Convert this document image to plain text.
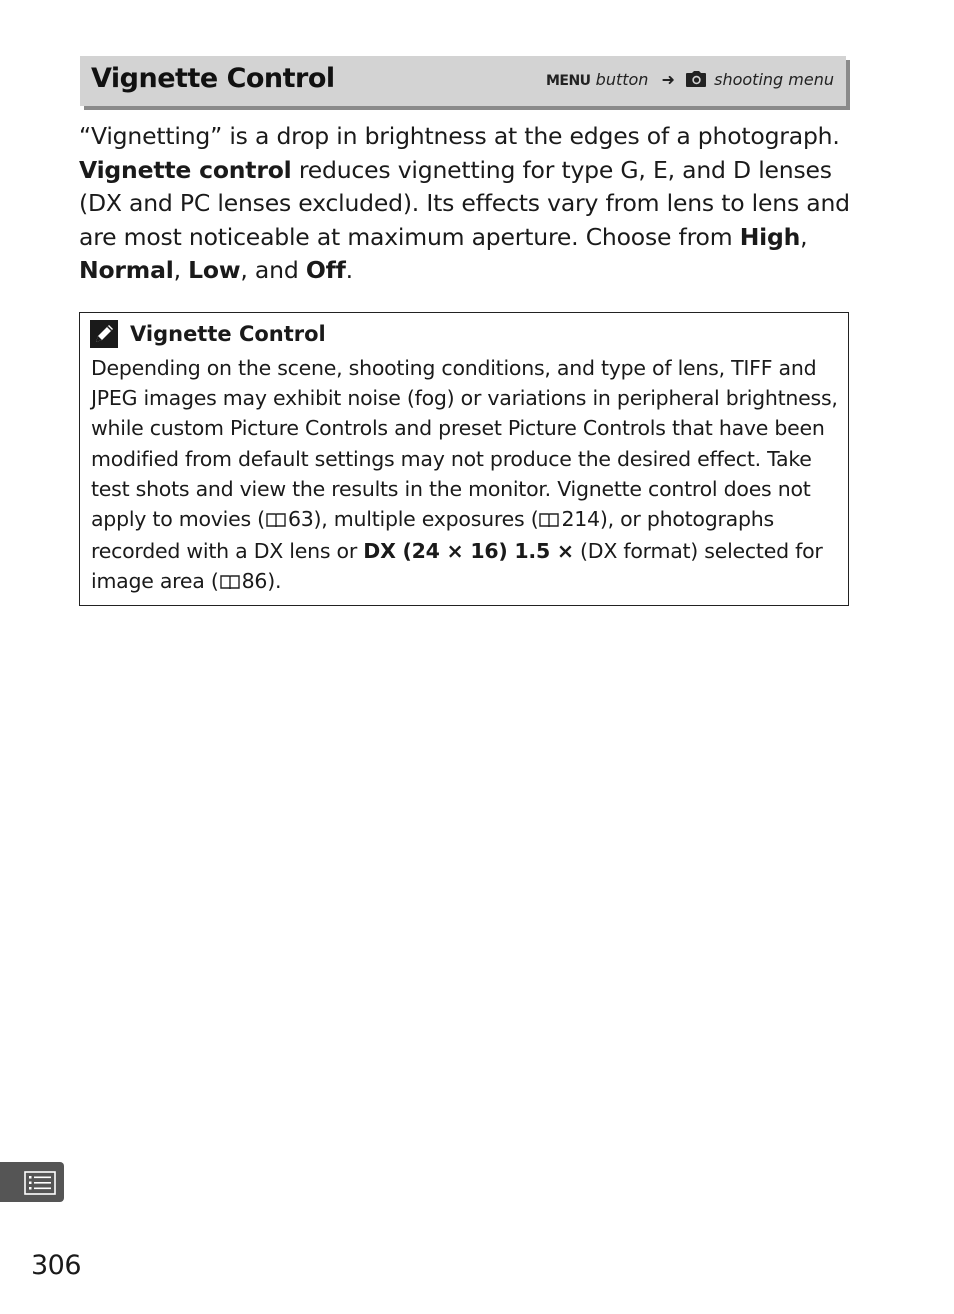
Vignette Control	MENU button ➜ shooting menu

“Vignetting” is a drop in brightness at the edges of a photograph.
Vignette control reduces vignetting for type G, E, and D lenses (DX and PC lenses excluded). Its effects vary from lens to lens and are most noticeable at maximum aperture. Choose from High, Normal, Low, and Off.

Vignette Control

Depending on the scene, shooting conditions, and type of lens, TIFF and JPEG images may exhibit noise (fog) or variations in peripheral brightness, while custom Picture Controls and preset Picture Controls that have been modified from default settings may not produce the desired effect. Take test shots and view the results in the monitor. Vignette control does not apply to movies ( 63), multiple exposures ( 214), or photographs recorded with a DX lens or DX (24 × 16) 1.5 × (DX format) selected for image area ( 86).

306
